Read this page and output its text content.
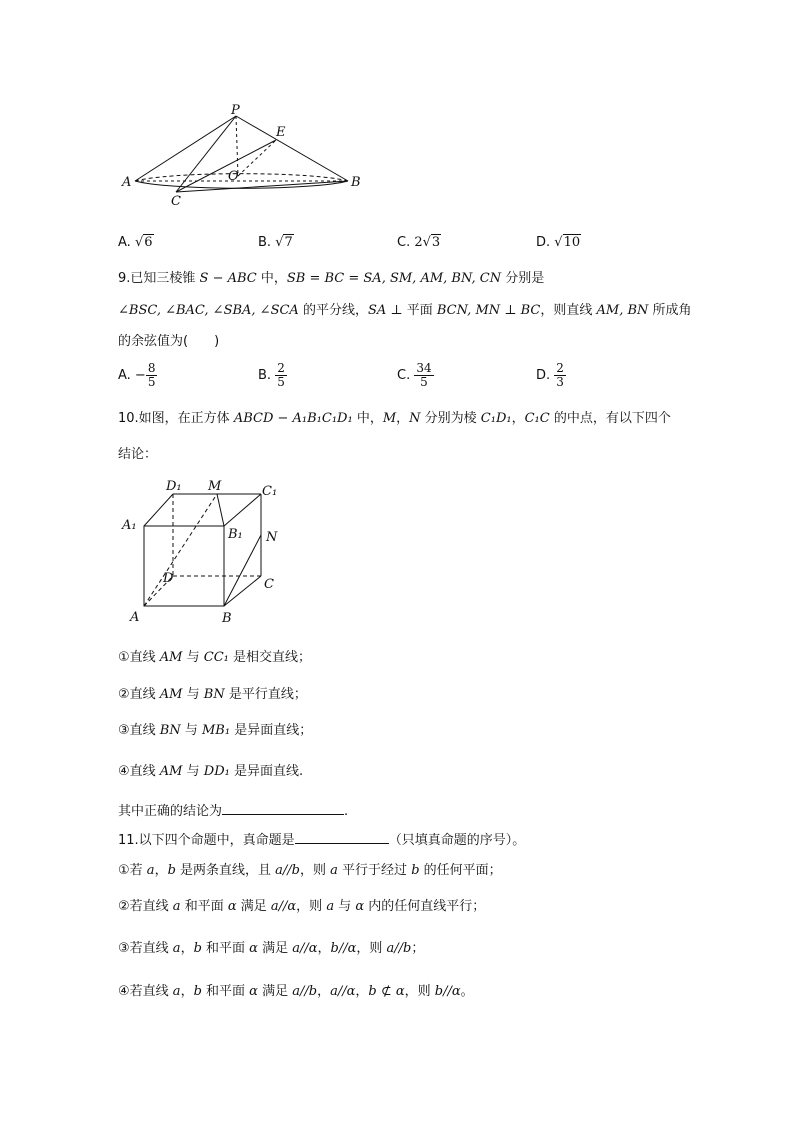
P
E
O
A	B
C
A. √6	B. √7	C. 2√3	D. √10
9.已知三棱锥 S − ABC 中，SB = BC = SA, SM, AM, BN, CN 分别是
∠BSC, ∠BAC, ∠SBA, ∠SCA 的平分线，SA ⊥ 平面 BCN, MN ⊥ BC，则直线 AM, BN 所成角
的余弦值为(　　)
A. − $\frac{8}{5}$	B. $\frac{2}{5}$	C. $\frac{34}{5}$	D. $\frac{2}{3}$
10.如图，在正方体 ABCD − A₁B₁C₁D₁ 中，M，N 分别为棱 C₁D₁，C₁C 的中点，有以下四个
结论：
D₁ M	C₁
A₁
B₁ N
D	C
A	B
①直线 AM 与 CC₁ 是相交直线；
②直线 AM 与 BN 是平行直线；
③直线 BN 与 MB₁ 是异面直线；
④直线 AM 与 DD₁ 是异面直线.
其中正确的结论为	.
11.以下四个命题中，真命题是	（只填真命题的序号）。
①若 a，b 是两条直线，且 a//b，则 a 平行于经过 b 的任何平面；
②若直线 a 和平面 α 满足 a//α，则 a 与 α 内的任何直线平行；
③若直线 a，b 和平面 α 满足 a//α，b//α，则 a//b；
④若直线 a，b 和平面 α 满足 a//b，a//α，b ⊄ α，则 b//α。
